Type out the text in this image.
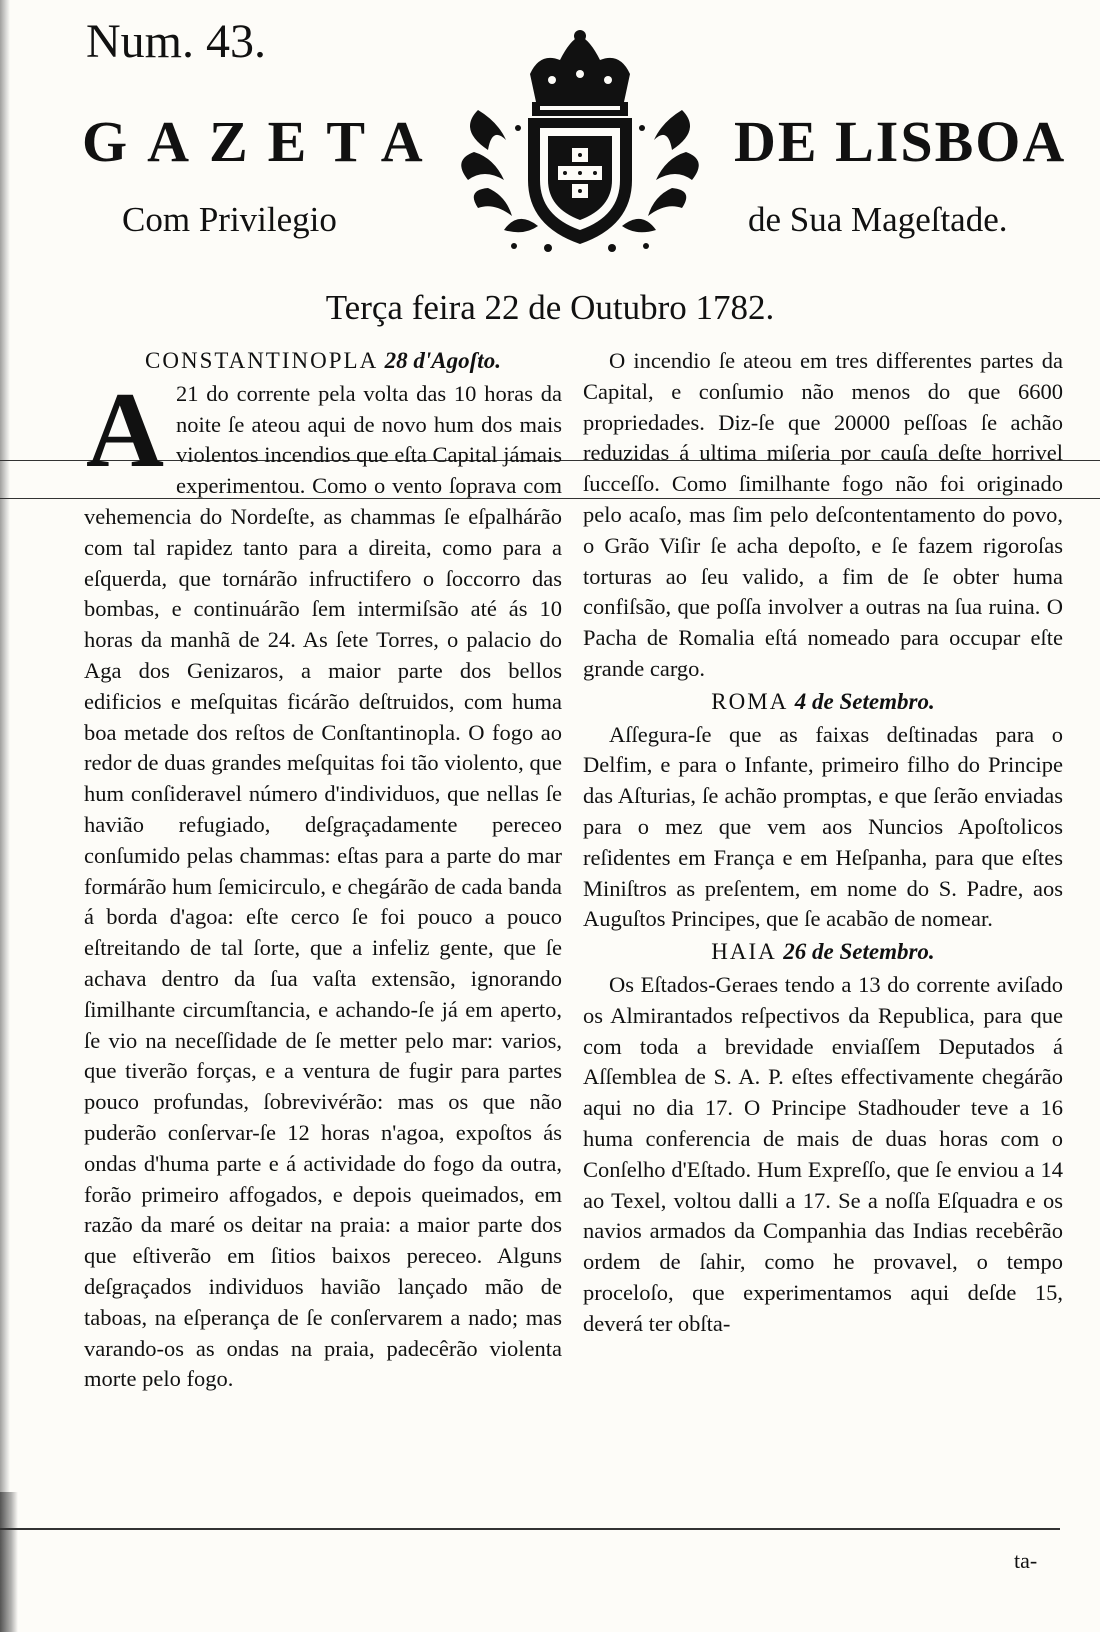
Num. 43.
GAZETA	DE LISBOA
Com Privilegio	de Sua Mageſtade.
Terça feira 22 de Outubro 1782.
CONSTANTINOPLA 28 d'Agoſto.

A 21 do corrente pela volta das 10 horas da noite ſe ateou aqui de novo hum dos mais violentos incendios que eſta Capital jámais experimentou. Como o vento ſoprava com vehemencia do Nordeſte, as chammas ſe eſpalhárão com tal rapidez tanto para a direita, como para a eſquerda, que tornárão infructifero o ſoccorro das bombas, e continuárão ſem intermiſsão até ás 10 horas da manhã de 24. As ſete Torres, o palacio do Aga dos Genizaros, a maior parte dos bellos edificios e meſquitas ficárão deſtruidos, com huma boa metade dos reſtos de Conſtantinopla. O fogo ao redor de duas grandes meſquitas foi tão violento, que hum conſideravel número d'individuos, que nellas ſe havião refugiado, deſgraçadamente pereceo conſumido pelas chammas: eſtas para a parte do mar formárão hum ſemicirculo, e chegárão de cada banda á borda d'agoa: eſte cerco ſe foi pouco a pouco eſtreitando de tal ſorte, que a infeliz gente, que ſe achava dentro da ſua vaſta extensão, ignorando ſimilhante circumſtancia, e achando-ſe já em aperto, ſe vio na neceſſidade de ſe metter pelo mar: varios, que tiverão forças, e a ventura de fugir para partes pouco profundas, ſobrevivérão: mas os que não puderão conſervar-ſe 12 horas n'agoa, expoſtos ás ondas d'huma parte e á actividade do fogo da outra, forão primeiro affogados, e depois queimados, em razão da maré os deitar na praia: a maior parte dos que eſtiverão em ſitios baixos pereceo. Alguns deſgraçados individuos havião lançado mão de taboas, na eſperança de ſe conſervarem a nado; mas varando-os as ondas na praia, padecêrão violenta morte pelo fogo.

O incendio ſe ateou em tres differentes partes da Capital, e conſumio não menos do que 6600 propriedades. Diz-ſe que 20000 peſſoas ſe achão reduzidas á ultima miſeria por cauſa deſte horrivel ſucceſſo. Como ſimilhante fogo não foi originado pelo acaſo, mas ſim pelo deſcontentamento do povo, o Grão Viſir ſe acha depoſto, e ſe fazem rigoroſas torturas ao ſeu valido, a fim de ſe obter huma confiſsão, que poſſa involver a outras na ſua ruina. O Pacha de Romalia eſtá nomeado para occupar eſte grande cargo.

ROMA 4 de Setembro.

Aſſegura-ſe que as faixas deſtinadas para o Delfim, e para o Infante, primeiro filho do Principe das Aſturias, ſe achão promptas, e que ſerão enviadas para o mez que vem aos Nuncios Apoſtolicos reſidentes em França e em Heſpanha, para que eſtes Miniſtros as preſentem, em nome do S. Padre, aos Auguſtos Principes, que ſe acabão de nomear.

HAIA 26 de Setembro.

Os Eſtados-Geraes tendo a 13 do corrente aviſado os Almirantados reſpectivos da Republica, para que com toda a brevidade enviaſſem Deputados á Aſſemblea de S. A. P. eſtes effectivamente chegárão aqui no dia 17. O Principe Stadhouder teve a 16 huma conferencia de mais de duas horas com o Conſelho d'Eſtado. Hum Expreſſo, que ſe enviou a 14 ao Texel, voltou dalli a 17. Se a noſſa Eſquadra e os navios armados da Companhia das Indias recebêrão ordem de ſahir, como he provavel, o tempo proceloſo, que experimentamos aqui deſde 15, deverá ter obſta-

ta-
